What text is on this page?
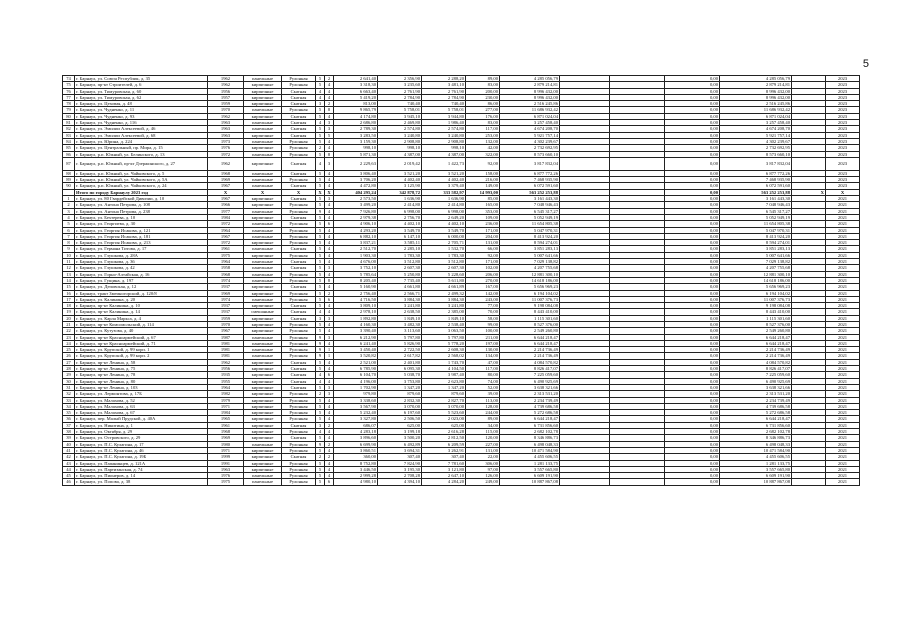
5
74	г. Барнаул, ул. Союза Республик, д. 35	1962	панельные	Рулонная	5	2	2 641,40	2 356,90	2 288,20	89,00	4 285 056,79			0,00	4 285 056,79		2023
75	г. Барнаул, пр-кт Строителей, д. 6	1962	кирпичные	Рулонная	5	4	3 318,30	3 235,60	3 481,10	83,00	2 879 214,81			0,00	2 879 214,81		2023
76	г. Барнаул, ул. Тимуровская, д. 60	1956	кирпичные	Скатная	4	4	6 663,40	2 761,90	2 761,90	200,00	8 996 432,00			0,00	8 996 432,00		2023
77	г. Барнаул, ул. Тимуровская, д. 62	1957	кирпичные	Скатная	4	4	5 419,20	2 784,90	2 784,90	230,00	8 996 432,00			0,00	8 996 432,00		2023
78	г. Барнаул, ул. Цеховая, д. 48	1959	кирпичные	Скатная	3	2	813,00	740,40	740,40	86,00	2 516 245,86			0,00	2 516 245,86		2023
79	г. Барнаул, ул. Чудненко, д. 11	1970	панельные	Рулонная	5	8	9 865,79	5 758,01	5 758,01	277,00	11 686 932,42			0,00	11 686 932,42		2023
80	г. Барнаул, ул. Чудненко, д. 93	1962	кирпичные	Скатная	5	4	4 174,80	3 945,10	3 944,80	176,00	6 871 024,04			0,00	6 871 024,04		2023
81	г. Барнаул, ул. Чудненко, д. 116	1963	панельные	Скатная	4	3	2 686,80	2 469,80	1 986,40	83,00	3 257 458,40			0,00	3 257 458,40		2023
82	г. Барнаул, ул. Эмилии Алексеевой, д. 46	1963	панельные	Скатная	5	3	2 789,30	2 574,80	2 574,80	117,00	4 674 208,70			0,00	4 674 208,70		2023
83	г. Барнаул, ул. Эмилии Алексеевой, д. 68	1963	кирпичные	Скатная	5	5	3 283,50	3 240,80	3 240,80	253,00	5 921 757,14			0,00	5 921 757,14		2023
84	г. Барнаул, ул. Юрина, д. 224	1973	панельные	Рулонная	5	4	3 159,30	2 908,80	2 908,80	132,00	4 302 239,67			0,00	4 302 239,67		2023
85	г. Барнаул, ул. Центральный, пр. Мира, д. 15	1976	кирпичные	Рулонная	2	4	998,10	998,10	998,10	42,00	2 732 692,95			0,00	2 732 692,95		2023
86	г. Барнаул, р.п. Южный, ул. Белинского, д. 13	1972	панельные	Рулонная	5	8	5 871,30	4 387,00	4 387,00	322,00	8 573 660,10			0,00	8 573 660,10		2023
87	г. Барнаул, р.п. Южный, пр-кт Дзержинского, д. 27	1962	кирпичные	Скатная	4	3	2 229,63	2 019,42	1 422,73	92,00	3 817 832,04			0,00	3 817 832,04		2023
88	г. Барнаул, р.п. Южный, ул. Чайковского, д. 5	1968	панельные	Скатная	5	4	3 806,40	3 521,20	3 521,20	158,00	6 877 772,26			0,00	6 877 772,26		2023
89	г. Барнаул, р.п. Южный, ул. Чайковского, д. 5А	1969	панельные	Рулонная	5	4	3 706,20	4 402,40	4 402,40	216,00	7 468 935,90			0,00	7 468 935,90		2023
90	г. Барнаул, р.п. Южный, ул. Чайковского, д. 24	1967	панельные	Скатная	5	4	4 472,80	3 125,90	3 379,40	149,00	6 072 591,60			0,00	6 072 591,60		2023
	Итого по городу Барнаулу 2023 год	X	X	X	X	X	404 295,24	342 878,72	333 582,97	14 993,00	563 252 253,88			0,00	563 252 253,88	X	X
1	г. Барнаул, ул. 80 Гвардейской Дивизии, д. 10	1967	кирпичные	Скатная	5	3	2 573,50	1 636,90	1 636,90	85,00	3 161 443,30			0,00	3 161 443,30		2021
2	г. Барнаул, ул. Антона Петрова, д. 108	1966	кирпичные	Рулонная	5	4	3 499,20	2 414,80	2 414,80	165,00	7 048 946,43			0,00	7 048 946,43		2021
3	г. Барнаул, ул. Антона Петрова, д. 238	1977	панельные	Рулонная	9	4	7 926,80	6 998,00	6 998,00	353,00	6 545 317,27			0,00	6 545 317,27		2021
4	г. Барнаул, ул. Бехтерева, д. 10	1984	кирпичные	Скатная	5	4	2 979,38	2 756,70	2 649,20	109,00	5 052 949,19			0,00	5 052 949,19		2021
5	г. Барнаул, ул. Георгиева, д. 30	1972	панельные	Рулонная	5	6	4 906,10	4 402,10	4 402,10	236,00	11 654 805,38			0,00	11 654 805,38		2021
6	г. Барнаул, ул. Георгия Исакова, д. 121	1964	панельные	Рулонная	5	4	4 293,20	3 549,70	3 549,70	171,00	5 047 970,31			0,00	5 047 970,31		2021
7	г. Барнаул, ул. Георгия Исакова, д. 181	1967	панельные	Рулонная	5	4	6 882,10	6 147,10	6 000,00	204,00	8 413 924,20			0,00	8 413 924,20		2021
8	г. Барнаул, ул. Георгия Исакова, д. 213	1972	кирпичные	Рулонная	5	4	3 837,21	3 585,11	2 705,71	131,00	8 594 274,01			0,00	8 594 274,01		2021
9	г. Барнаул, ул. Германа Титова, д. 17	1961	панельные	Скатная	5	4	2 512,70	2 285,10	1 532,70	66,00	3 851 283,13			0,00	3 851 283,13		2021
10	г. Барнаул, ул. Глушкова, д. 28А	1975	кирпичные	Рулонная	5	4	1 903,30	1 783,30	1 783,30	92,00	5 007 641,66			0,00	5 007 641,66		2021
11	г. Барнаул, ул. Глушкова, д. 36	1964	панельные	Скатная	5	4	4 676,00	3 512,80	3 512,80	171,00	7 029 138,82			0,00	7 029 138,82		2021
12	г. Барнаул, ул. Глушкова, д. 42	1958	панельные	Скатная	5	3	3 752,10	2 607,30	2 607,30	102,00	4 207 755,68			0,00	4 207 755,68		2021
13	г. Барнаул, ул. Горно-Алтайская, д. 16	1968	панельные	Рулонная	5	4	5 785,64	5 250,80	5 228,60	206,00	12 881 300,10			0,00	12 881 300,10		2021
14	г. Барнаул, ул. Гущина, д. 197	1974	панельные	Рулонная	5	8	8 205,40	7 735,40	5 611,80	270,00	14 618 186,00			0,00	14 618 186,00		2021
15	г. Барнаул, ул. Деповская, д. 12	1937	кирпичные	Скатная	5	4	5 160,90	4 661,80	4 661,89	167,00	5 656 969,23			0,00	5 656 969,23		2021
16	г. Барнаул, тракт Змеиногорский, д. 120/8	1969	кирпичные	Рулонная	5	2	2 756,40	2 566,71	2 499,32	142,00	6 194 104,02			0,00	6 194 104,02		2021
17	г. Барнаул, ул. Калинина, д. 20	1974	панельные	Рулонная	5	6	4 716,50	3 884,30	3 884,30	243,00	11 007 376,73			0,00	11 007 376,73		2021
18	г. Барнаул, пр-кт Калинина, д. 10	1937	кирпичные	Скатная	5	4	3 809,10	3 241,80	3 241,80	77,00	9 198 084,08			0,00	9 198 084,08		2021
19	г. Барнаул, пр-кт Калинина, д. 14	1937	смешанные	Скатная	4	4	2 978,10	2 638,50	2 385,00	70,00	8 443 410,00			0,00	8 443 410,00		2021
20	г. Барнаул, ул. Карла Маркса, д. 4	1959	кирпичные	Скатная	3	3	1 892,80	1 849,10	1 849,10	58,00	1 115 301,60			0,00	1 115 301,60		2021
21	г. Барнаул, пр-кт Комсомольский, д. 114	1970	кирпичные	Рулонная	5	4	4 160,30	3 482,30	2 538,40	99,00	8 527 376,00			0,00	8 527 376,00		2021
22	г. Барнаул, ул. Кутузова, д. 40	1967	кирпичные	Рулонная	5	4	3 390,40	3 113,60	3 063,50	100,00	2 549 260,80			0,00	2 549 260,80		2021
23	г. Барнаул, пр-кт Красноармейский, д. 67	1987	панельные	Рулонная	9	3	6 212,90	5 797,80	5 797,80	211,00	6 644 218,47			0,00	6 644 218,47		2021
24	г. Барнаул, пр-кт Красноармейский, д. 71	1981	панельные	Рулонная	9	4	6 241,40	5 826,90	5 778,20	197,00	6 644 218,47			0,00	6 644 218,47		2021
25	г. Барнаул, ул. Крупской, д. 99 корп. 1	1981	панельные	Рулонная	9	1	3 450,40	2 722,50	2 608,30	130,00	2 214 736,49			0,00	2 214 736,49		2021
26	г. Барнаул, ул. Крупской, д. 99 корп. 2	1981	панельные	Рулонная	9	1	3 520,82	2 617,82	2 568,02	134,00	2 214 736,49			0,00	2 214 736,49		2021
27	г. Барнаул, пр-кт Ленина, д. 58	1962	кирпичные	Скатная	5	4	2 521,00	2 401,80	1 743,70	47,00	4 084 570,82			0,00	4 084 570,82		2021
28	г. Барнаул, пр-кт Ленина, д. 75	1956	кирпичные	Скатная	5	4	6 785,90	6 095,30	4 104,50	117,00	8 826 417,07			0,00	8 826 417,07		2021
29	г. Барнаул, пр-кт Ленина, д. 78	1935	кирпичные	Скатная	4	6	6 104,70	5 038,70	3 987,40	80,00	7 225 059,60			0,00	7 225 059,60		2021
30	г. Барнаул, пр-кт Ленина, д. 80	1955	кирпичные	Скатная	4	4	4 196,00	3 753,80	2 623,80	74,00	6 490 925,69			0,00	6 490 925,69		2021
31	г. Барнаул, пр-кт Ленина, д. 103	1964	кирпичные	Скатная	5	3	1 702,90	1 347,20	1 347,20	52,00	3 638 321,66			0,00	3 638 321,66		2021
32	г. Барнаул, ул. Лермонтова, д. 17Б	1982	кирпичные	Рулонная	2	3	979,80	879,60	879,60	39,00	2 313 531,20			0,00	2 313 531,20		2021
33	г. Барнаул, ул. Малахова, д. 52	1979	кирпичные	Рулонная	5	4	3 338,60	2 832,30	2 827,70	113,00	2 234 739,49			0,00	2 234 739,49		2021
34	г. Барнаул, ул. Малахова, д. 63	1971	кирпичные	Рулонная	5	4	3 567,90	3 070,00	3 070,00	128,00	4 739 686,58			0,00	4 739 686,58		2021
35	г. Барнаул, ул. Малахова, д. 67	1984	кирпичные	Рулонная	5	4	5 232,40	6 197,60	5 523,60	244,00	5 272 686,58			0,00	5 272 686,58		2021
36	г. Барнаул, пер. Малый Прудской, д. 40А	1965	кирпичные	Рулонная	5	4	3 327,80	2 506,50	2 023,00	89,00	6 644 218,47			0,00	6 644 218,47		2021
37	г. Барнаул, ул. Никитина, д. 1	1961	кирпичные	Скатная	3	2	686,07	625,00	625,00	34,00	6 731 856,60			0,00	6 731 856,60		2021
38	г. Барнаул, ул. Октября, д. 29	1968	кирпичные	Рулонная	4	4	4 283,18	3 199,18	2 616,28	115,00	2 682 102,78			0,00	2 682 102,78		2021
39	г. Барнаул, ул. Островского, д. 29	1969	кирпичные	Скатная	5	4	3 896,60	3 500,20	2 812,50	120,00	8 346 886,73			0,00	8 346 886,73		2021
40	г. Барнаул, ул. П.С. Кулагина, д. 17	1980	панельные	Рулонная	9	2	6 699,90	6 492,89	6 209,59	227,00	6 498 048,33			0,00	6 498 048,33		2021
41	г. Барнаул, ул. П.С. Кулагина, д. 46	1971	кирпичные	Рулонная	5	4	3 860,51	3 694,31	3 262,91	131,00	10 471 584,90			0,00	10 471 584,90		2021
42	г. Барнаул, ул. П.С. Кулагина, д. 19Б	1999	кирпичные	Скатная	2	2	360,00	307,40	307,40	22,00	4 455 606,55			0,00	4 455 606,55		2021
43	г. Барнаул, ул. Папанинцев, д. 121А	1991	кирпичные	Рулонная	5	4	8 752,80	7 824,90	7 781,60	306,00	1 281 133,75			0,00	1 281 133,75		2021
44	г. Барнаул, ул. Партизанская, д. 74	1963	кирпичные	Рулонная	5	4	3 446,50	3 195,30	3 121,80	97,00	3 557 665,80			0,00	3 557 665,80		2021
45	г. Барнаул, ул. Пионеров, д. 14	1976	панельные	Рулонная	5	4	2 999,28	2 708,28	2 647,10	126,00	6 609 191,90			0,00	6 609 191,90		2021
46	г. Барнаул, ул. Попова, д. 38	1975	панельные	Рулонная	5	6	4 980,10	4 394,10	4 284,20	249,00	10 887 867,08			0,00	10 887 867,08		2021
